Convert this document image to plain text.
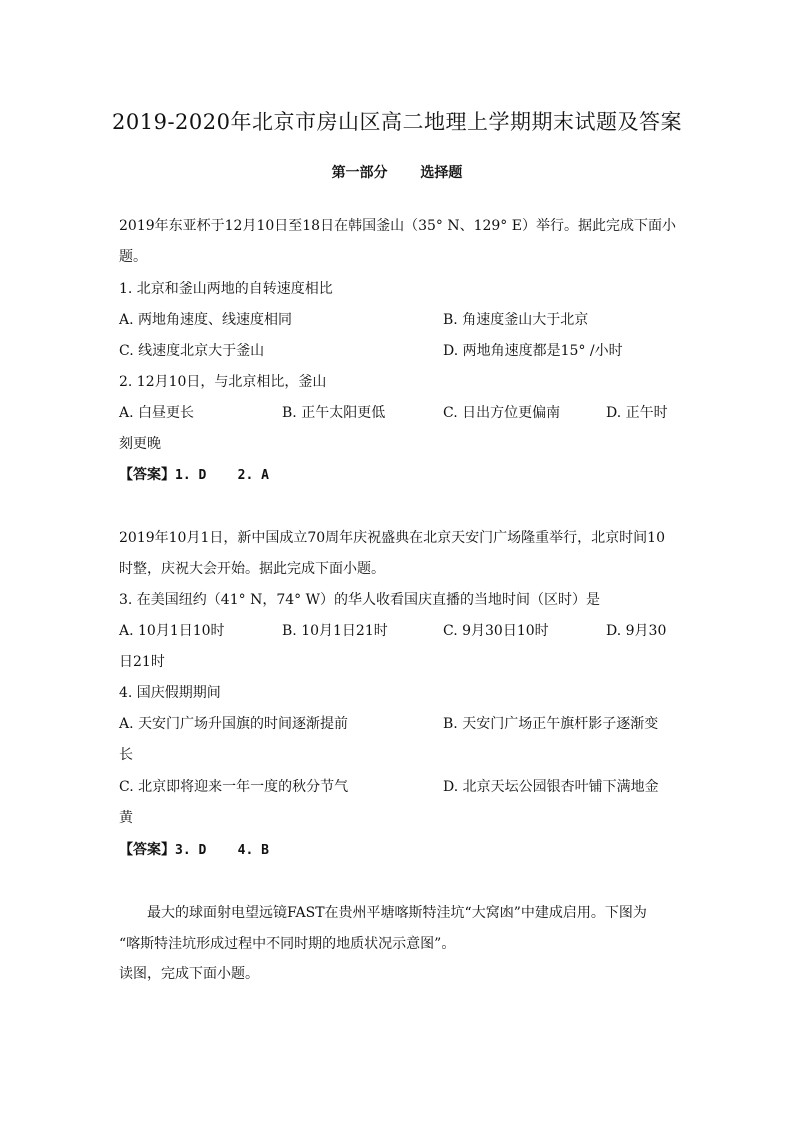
2019-2020年北京市房山区高二地理上学期期末试题及答案
第一部分　 选择题
2019年东亚杯于12月10日至18日在韩国釜山（35° N、129° E）举行。据此完成下面小
题。
1. 北京和釜山两地的自转速度相比
A. 两地角速度、线速度相同	B. 角速度釜山大于北京
C. 线速度北京大于釜山	D. 两地角速度都是15° /小时
2. 12月10日，与北京相比，釜山
A. 白昼更长	B. 正午太阳更低	C. 日出方位更偏南	D. 正午时
刻更晚
【答案】1. D    2. A
2019年10月1日，新中国成立70周年庆祝盛典在北京天安门广场隆重举行，北京时间10
时整，庆祝大会开始。据此完成下面小题。
3. 在美国纽约（41° N，74° W）的华人收看国庆直播的当地时间（区时）是
A. 10月1日10时	B. 10月1日21时	C. 9月30日10时	D. 9月30
日21时
4. 国庆假期期间
A. 天安门广场升国旗的时间逐渐提前	B. 天安门广场正午旗杆影子逐渐变
长
C. 北京即将迎来一年一度的秋分节气	D. 北京天坛公园银杏叶铺下满地金
黄
【答案】3. D    4. B
最大的球面射电望远镜FAST在贵州平塘喀斯特洼坑“大窝凼”中建成启用。下图为
“喀斯特洼坑形成过程中不同时期的地质状况示意图”。
读图，完成下面小题。
